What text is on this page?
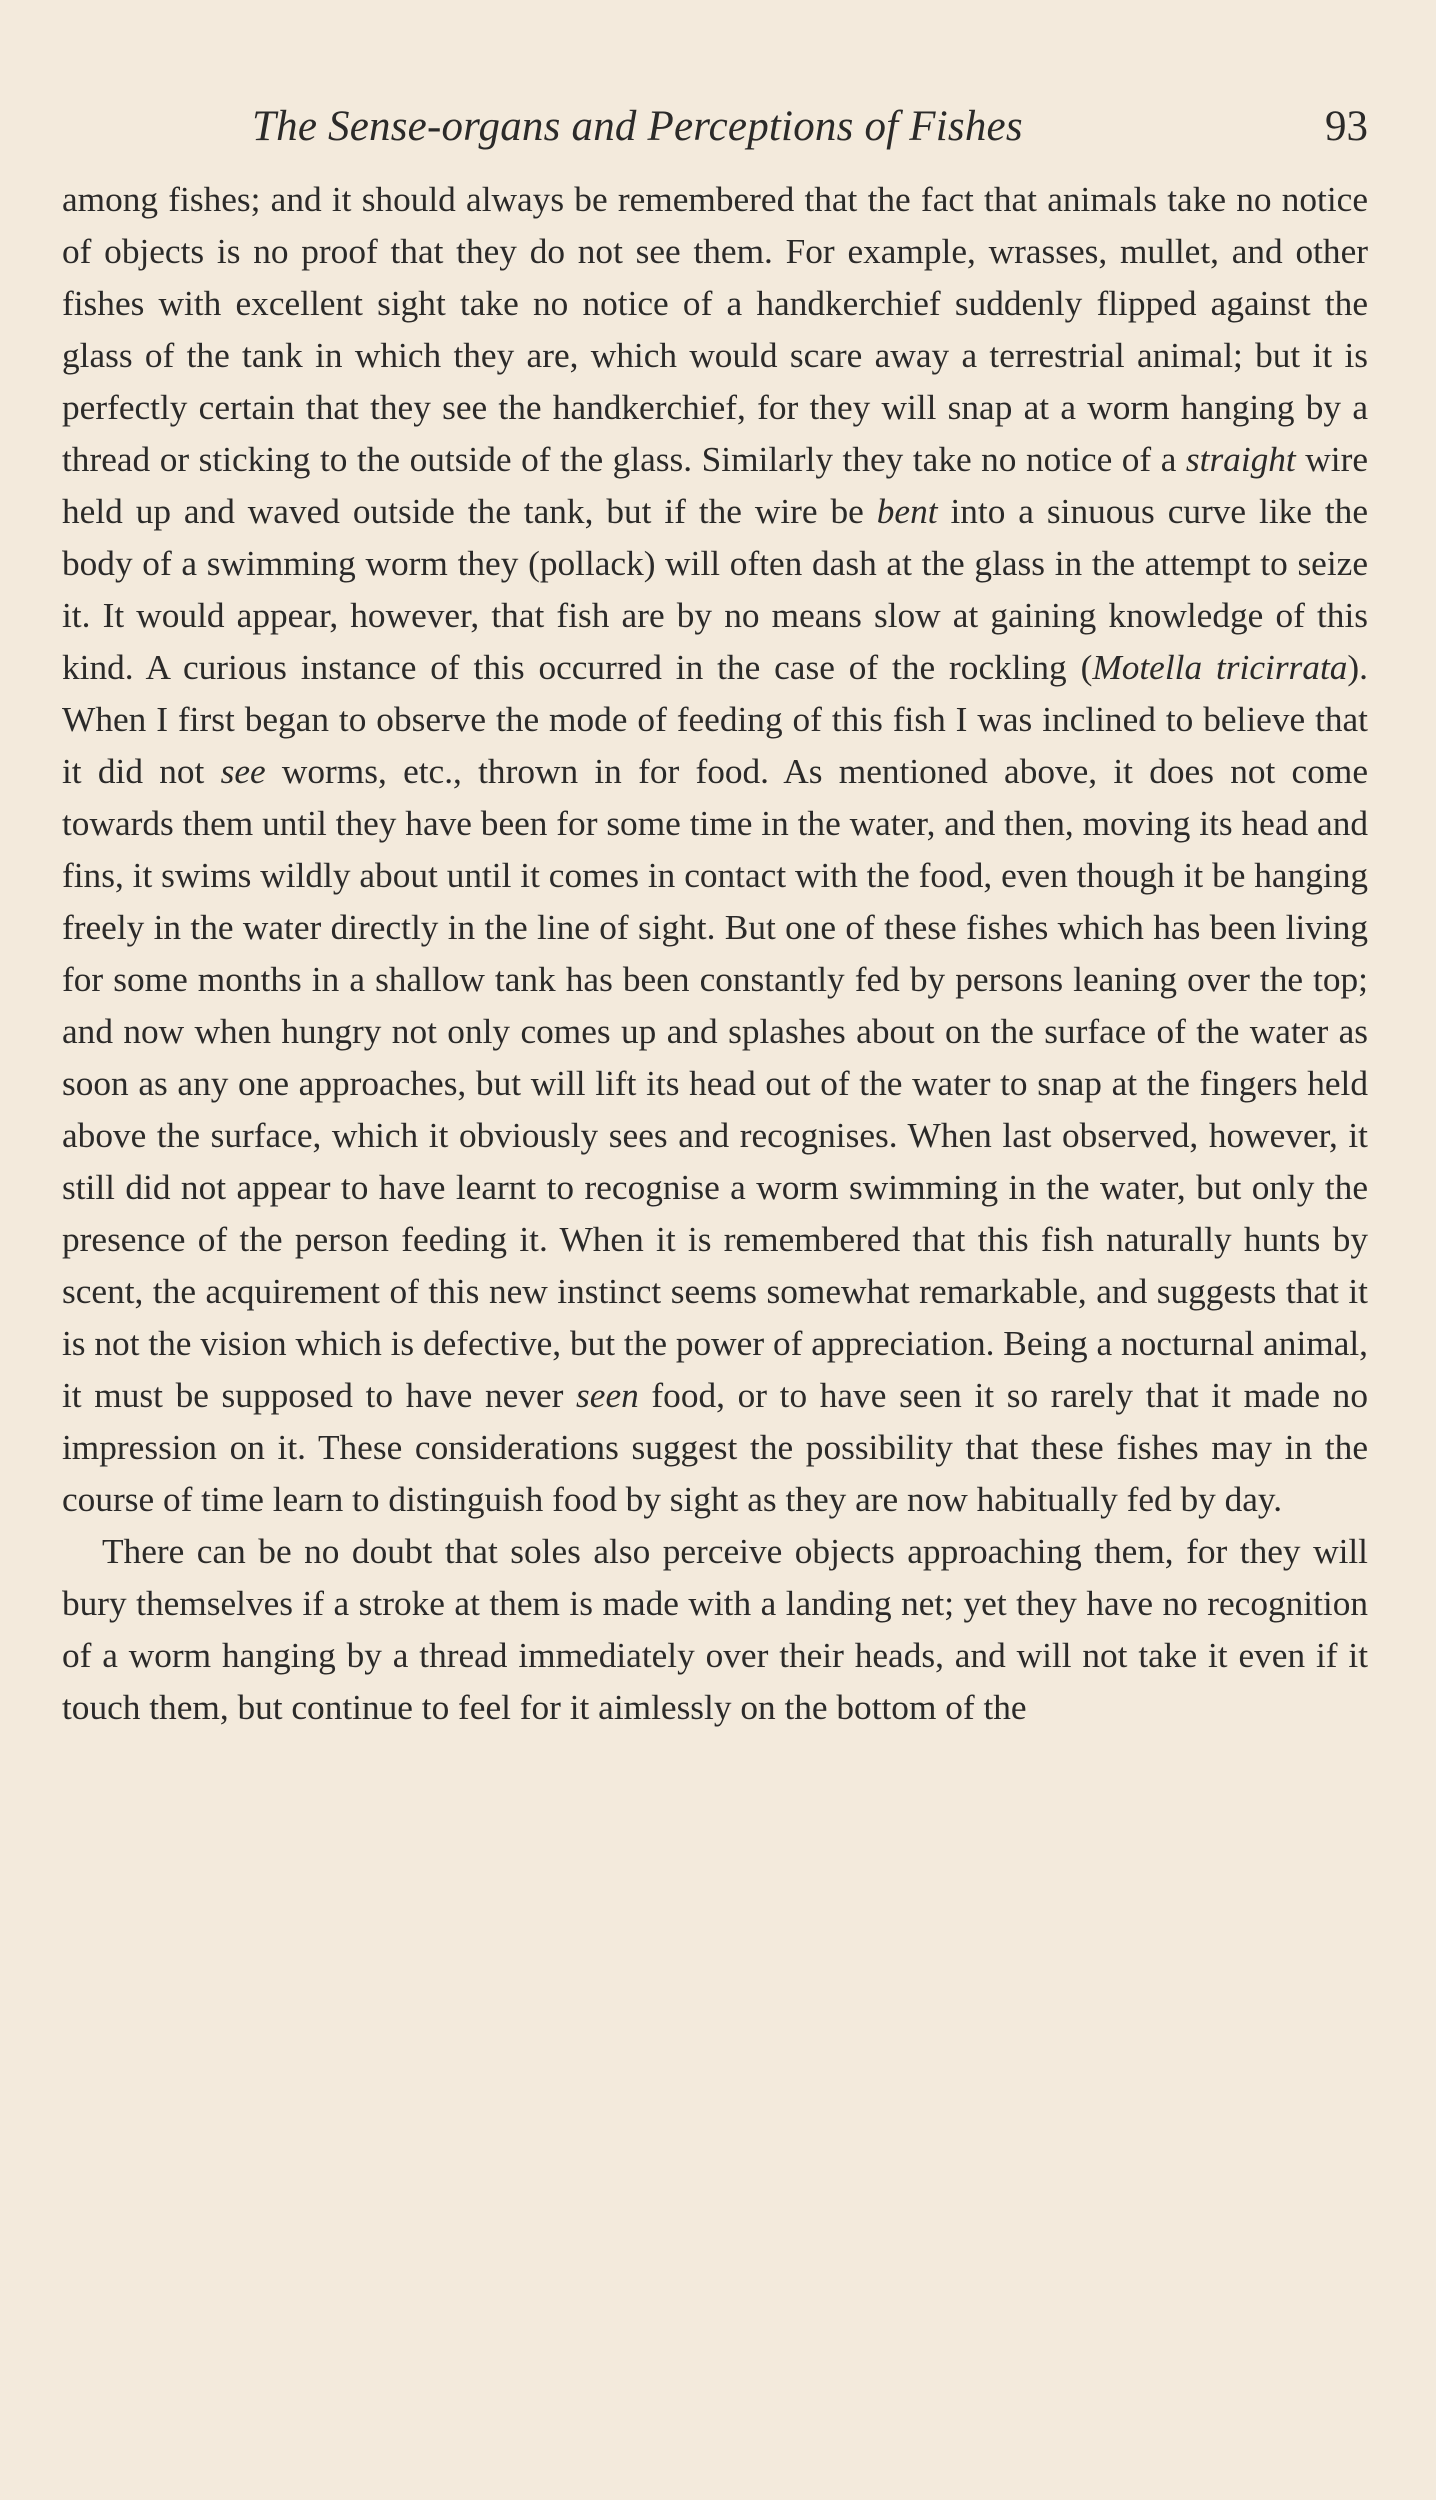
The Sense-organs and Perceptions of Fishes	93

among fishes; and it should always be remembered that the fact that animals take no notice of objects is no proof that they do not see them. For example, wrasses, mullet, and other fishes with excellent sight take no notice of a handkerchief suddenly flipped against the glass of the tank in which they are, which would scare away a terrestrial animal; but it is perfectly certain that they see the handkerchief, for they will snap at a worm hanging by a thread or sticking to the outside of the glass. Similarly they take no notice of a straight wire held up and waved outside the tank, but if the wire be bent into a sinuous curve like the body of a swimming worm they (pollack) will often dash at the glass in the attempt to seize it. It would appear, however, that fish are by no means slow at gaining knowledge of this kind. A curious instance of this occurred in the case of the rockling (Motella tricirrata). When I first began to observe the mode of feeding of this fish I was inclined to believe that it did not see worms, etc., thrown in for food. As mentioned above, it does not come towards them until they have been for some time in the water, and then, moving its head and fins, it swims wildly about until it comes in contact with the food, even though it be hanging freely in the water directly in the line of sight. But one of these fishes which has been living for some months in a shallow tank has been constantly fed by persons leaning over the top; and now when hungry not only comes up and splashes about on the surface of the water as soon as any one approaches, but will lift its head out of the water to snap at the fingers held above the surface, which it obviously sees and recognises. When last observed, however, it still did not appear to have learnt to recognise a worm swimming in the water, but only the presence of the person feeding it. When it is remembered that this fish naturally hunts by scent, the acquirement of this new instinct seems somewhat remarkable, and suggests that it is not the vision which is defective, but the power of appreciation. Being a nocturnal animal, it must be supposed to have never seen food, or to have seen it so rarely that it made no impression on it. These considerations suggest the possibility that these fishes may in the course of time learn to distinguish food by sight as they are now habitually fed by day.

There can be no doubt that soles also perceive objects approaching them, for they will bury themselves if a stroke at them is made with a landing net; yet they have no recognition of a worm hanging by a thread immediately over their heads, and will not take it even if it touch them, but continue to feel for it aimlessly on the bottom of the
